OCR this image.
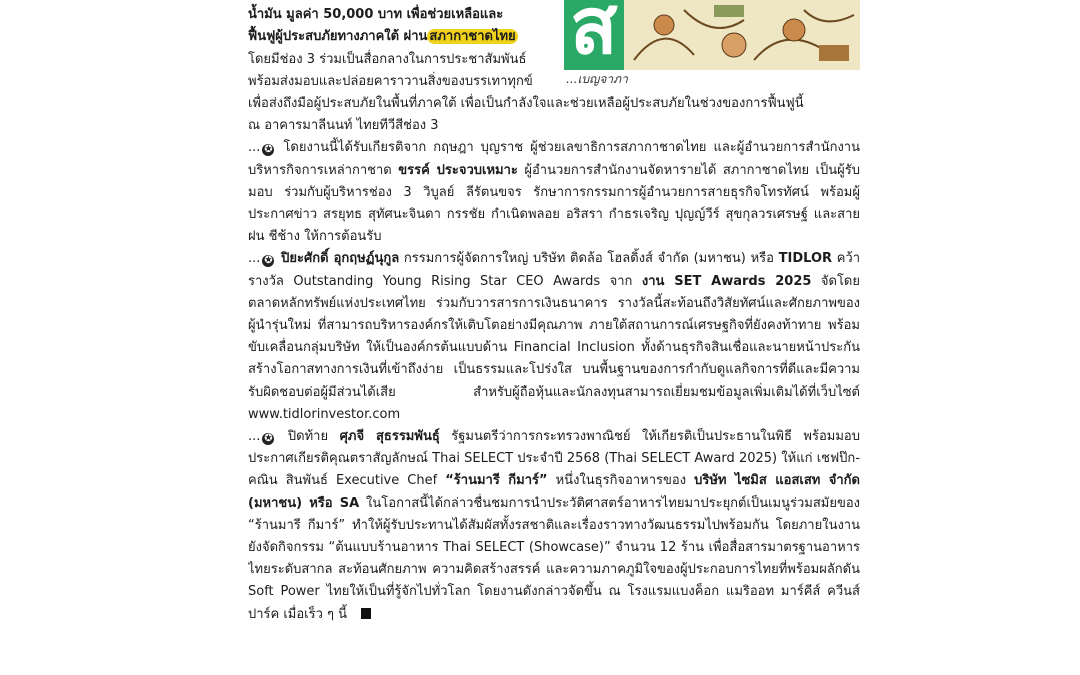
น้ำมัน มูลค่า 50,000 บาท เพื่อช่วยเหลือและ

ฟื้นฟูผู้ประสบภัยทางภาคใต้ ผ่าน สภากาชาดไทย

โดยมีช่อง 3 ร่วมเป็นสื่อกลางในการประชาสัมพันธ์

พร้อมส่งมอบและปล่อยคาราวานสิ่งของบรรเทาทุกข์

เพื่อส่งถึงมือผู้ประสบภัยในพื้นที่ภาคใต้ เพื่อเป็นกำลังใจและช่วยเหลือผู้ประสบภัยในช่วงของการฟื้นฟูนี้

ณ อาคารมาลีนนท์ ไทยทีวีสีช่อง 3

... ✪ โดยงานนี้ได้รับเกียรติจาก กฤษฎา บุญราช ผู้ช่วยเลขาธิการสภากาชาดไทย และผู้อำนวยการสำนักงานบริหารกิจการเหล่ากาชาด ขรรค์ ประจวบเหมาะ ผู้อำนวยการสำนักงานจัดหารายได้ สภากาชาดไทย เป็นผู้รับมอบ ร่วมกับผู้บริหารช่อง 3 วิบูลย์ ลีรัตนขจร รักษาการกรรมการผู้อำนวยการสายธุรกิจโทรทัศน์ พร้อมผู้ประกาศข่าว สรยุทธ สุทัศนะจินดา กรรชัย กำเนิดพลอย อริสรา กำธรเจริญ ปุญญ์วีร์ สุขกุลวรเศรษฐ์ และสายฝน ชีช้าง ให้การต้อนรับ

... ✪ ปิยะศักดิ์ อุกฤษฏ์นุกูล กรรมการผู้จัดการใหญ่ บริษัท ติดล้อ โฮลดิ้งส์ จำกัด (มหาชน) หรือ TIDLOR คว้ารางวัล Outstanding Young Rising Star CEO Awards จาก งาน SET Awards 2025 จัดโดยตลาดหลักทรัพย์แห่งประเทศไทย ร่วมกับวารสารการเงินธนาคาร รางวัลนี้สะท้อนถึงวิสัยทัศน์และศักยภาพของผู้นำรุ่นใหม่ ที่สามารถบริหารองค์กรให้เติบโตอย่างมีคุณภาพ ภายใต้สถานการณ์เศรษฐกิจที่ยังคงท้าทาย พร้อมขับเคลื่อนกลุ่มบริษัท ให้เป็นองค์กรต้นแบบด้าน Financial Inclusion ทั้งด้านธุรกิจสินเชื่อและนายหน้าประกัน สร้างโอกาสทางการเงินที่เข้าถึงง่าย เป็นธรรมและโปร่งใส บนพื้นฐานของการกำกับดูแลกิจการที่ดีและมีความรับผิดชอบต่อผู้มีส่วนได้เสีย สำหรับผู้ถือหุ้นและนักลงทุนสามารถเยี่ยมชมข้อมูลเพิ่มเติมได้ที่เว็บไซต์ www.tidlorinvestor.com

... ✪ ปิดท้าย ศุภจี สุธรรมพันธุ์ รัฐมนตรีว่าการกระทรวงพาณิชย์ ให้เกียรติเป็นประธานในพิธี พร้อมมอบประกาศเกียรติคุณตราสัญลักษณ์ Thai SELECT ประจำปี 2568 (Thai SELECT Award 2025) ให้แก่ เชฟป๊ก-คณิน สินพันธ์ Executive Chef “ร้านมารี กีมาร์” หนึ่งในธุรกิจอาหารของ บริษัท ไซมิส แอสเสท จำกัด (มหาชน) หรือ SA ในโอกาสนี้ได้กล่าวชื่นชมการนำประวัติศาสตร์อาหารไทยมาประยุกต์เป็นเมนูร่วมสมัยของ “ร้านมารี กีมาร์” ทำให้ผู้รับประทานได้สัมผัสทั้งรสชาติและเรื่องราวทางวัฒนธรรมไปพร้อมกัน โดยภายในงานยังจัดกิจกรรม “ต้นแบบร้านอาหาร Thai SELECT (Showcase)” จำนวน 12 ร้าน เพื่อสื่อสารมาตรฐานอาหารไทยระดับสากล สะท้อนศักยภาพ ความคิดสร้างสรรค์ และความภาคภูมิใจของผู้ประกอบการไทยที่พร้อมผลักดัน Soft Power ไทยให้เป็นที่รู้จักไปทั่วโลก โดยงานดังกล่าวจัดขึ้น ณ โรงแรมแบงค็อก แมริออท มาร์คีส์ ควีนส์ปาร์ค เมื่อเร็ว ๆ นี้

ส
...เบญจาภา
